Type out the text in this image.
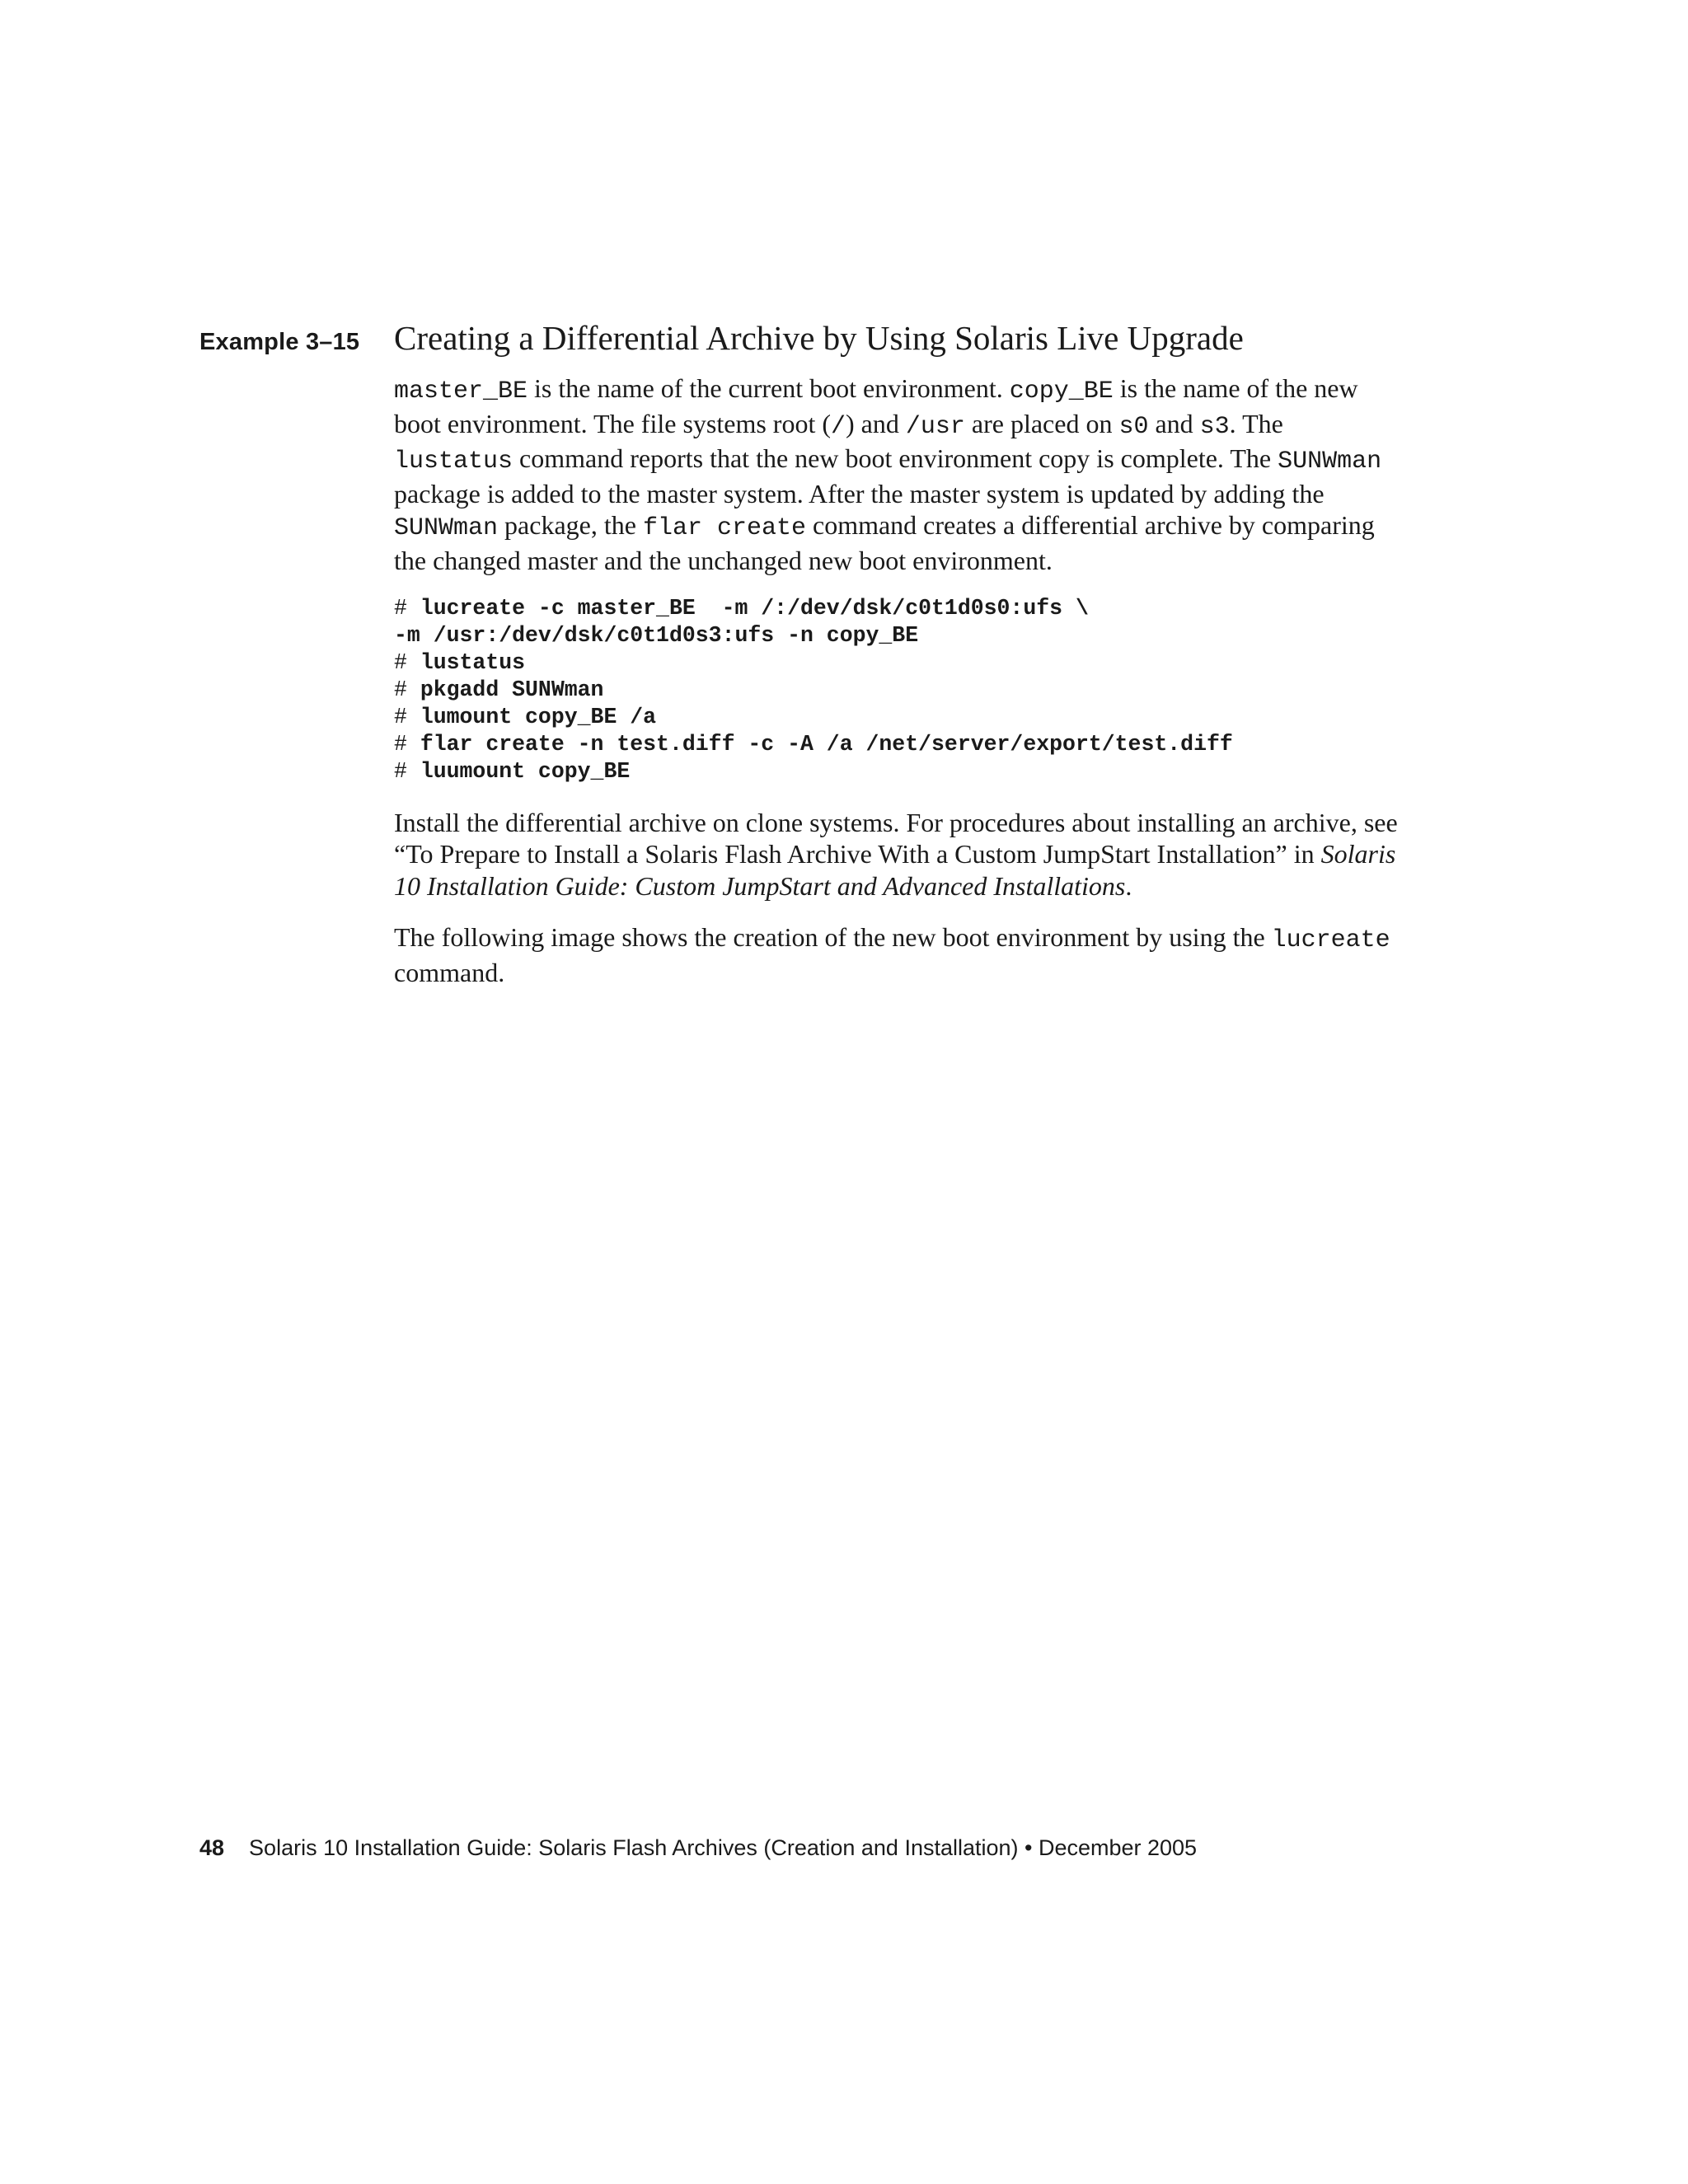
Example 3–15 Creating a Differential Archive by Using Solaris Live Upgrade

master_BE is the name of the current boot environment. copy_BE is the name of the new boot environment. The file systems root (/) and /usr are placed on s0 and s3. The lustatus command reports that the new boot environment copy is complete. The SUNWman package is added to the master system. After the master system is updated by adding the SUNWman package, the flar create command creates a differential archive by comparing the changed master and the unchanged new boot environment.

# lucreate -c master_BE  -m /:/dev/dsk/c0t1d0s0:ufs \
-m /usr:/dev/dsk/c0t1d0s3:ufs -n copy_BE
# lustatus
# pkgadd SUNWman
# lumount copy_BE /a
# flar create -n test.diff -c -A /a /net/server/export/test.diff
# luumount copy_BE

Install the differential archive on clone systems. For procedures about installing an archive, see “To Prepare to Install a Solaris Flash Archive With a Custom JumpStart Installation” in Solaris 10 Installation Guide: Custom JumpStart and Advanced Installations.

The following image shows the creation of the new boot environment by using the lucreate command.

48 Solaris 10 Installation Guide: Solaris Flash Archives (Creation and Installation) • December 2005
